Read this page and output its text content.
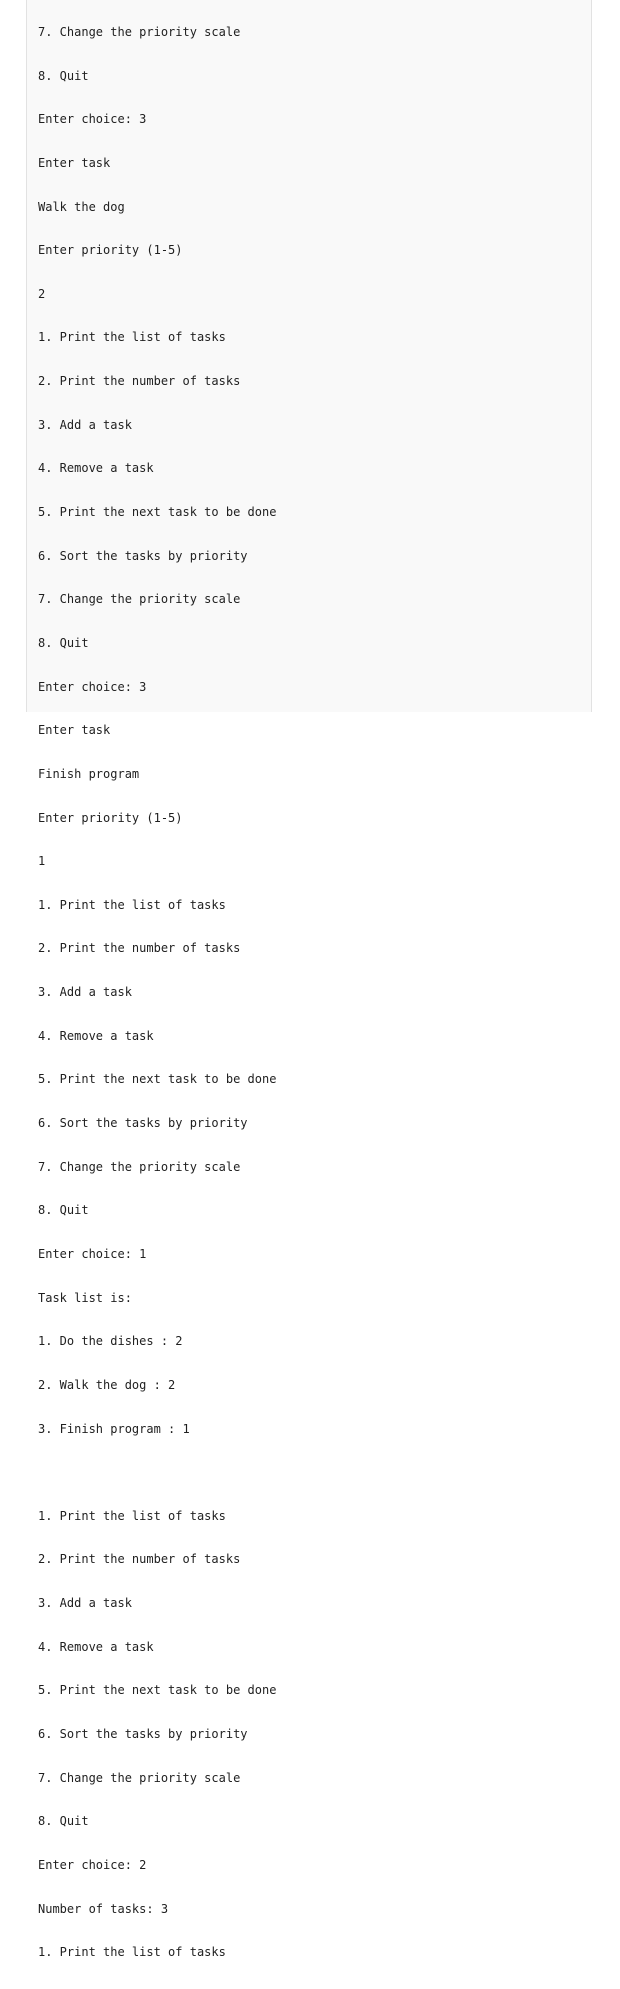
7. Change the priority scale

8. Quit

Enter choice: 3

Enter task

Walk the dog

Enter priority (1-5)

2

1. Print the list of tasks

2. Print the number of tasks

3. Add a task

4. Remove a task

5. Print the next task to be done

6. Sort the tasks by priority

7. Change the priority scale

8. Quit

Enter choice: 3

Enter task

Finish program

Enter priority (1-5)

1

1. Print the list of tasks

2. Print the number of tasks

3. Add a task

4. Remove a task

5. Print the next task to be done

6. Sort the tasks by priority

7. Change the priority scale

8. Quit

Enter choice: 1

Task list is:

1. Do the dishes : 2

2. Walk the dog : 2

3. Finish program : 1

1. Print the list of tasks

2. Print the number of tasks

3. Add a task

4. Remove a task

5. Print the next task to be done

6. Sort the tasks by priority

7. Change the priority scale

8. Quit

Enter choice: 2

Number of tasks: 3

1. Print the list of tasks
